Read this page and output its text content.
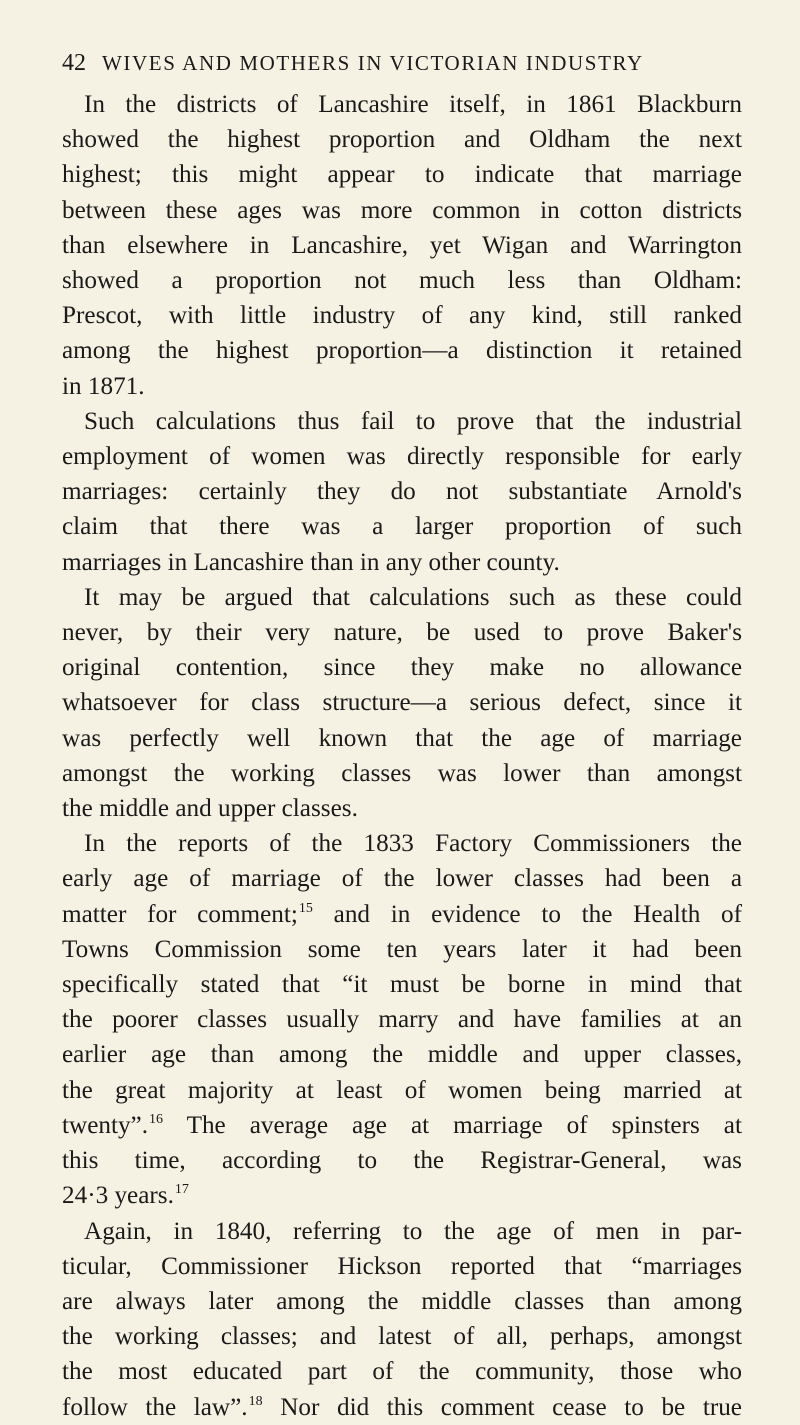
42 WIVES AND MOTHERS IN VICTORIAN INDUSTRY

In the districts of Lancashire itself, in 1861 Blackburn
showed the highest proportion and Oldham the next
highest; this might appear to indicate that marriage
between these ages was more common in cotton districts
than elsewhere in Lancashire, yet Wigan and Warrington
showed a proportion not much less than Oldham:
Prescot, with little industry of any kind, still ranked
among the highest proportion—a distinction it retained
in 1871.

Such calculations thus fail to prove that the industrial
employment of women was directly responsible for early
marriages: certainly they do not substantiate Arnold's
claim that there was a larger proportion of such
marriages in Lancashire than in any other county.

It may be argued that calculations such as these could
never, by their very nature, be used to prove Baker's
original contention, since they make no allowance
whatsoever for class structure—a serious defect, since it
was perfectly well known that the age of marriage
amongst the working classes was lower than amongst
the middle and upper classes.

In the reports of the 1833 Factory Commissioners the
early age of marriage of the lower classes had been a
matter for comment;$^{15}$ and in evidence to the Health of
Towns Commission some ten years later it had been
specifically stated that “it must be borne in mind that
the poorer classes usually marry and have families at an
earlier age than among the middle and upper classes,
the great majority at least of women being married at
twenty”.$^{16}$ The average age at marriage of spinsters at
this time, according to the Registrar-General, was
24·3 years.$^{17}$

Again, in 1840, referring to the age of men in par-
ticular, Commissioner Hickson reported that “marriages
are always later among the middle classes than among
the working classes; and latest of all, perhaps, amongst
the most educated part of the community, those who
follow the law”.$^{18}$ Nor did this comment cease to be true
